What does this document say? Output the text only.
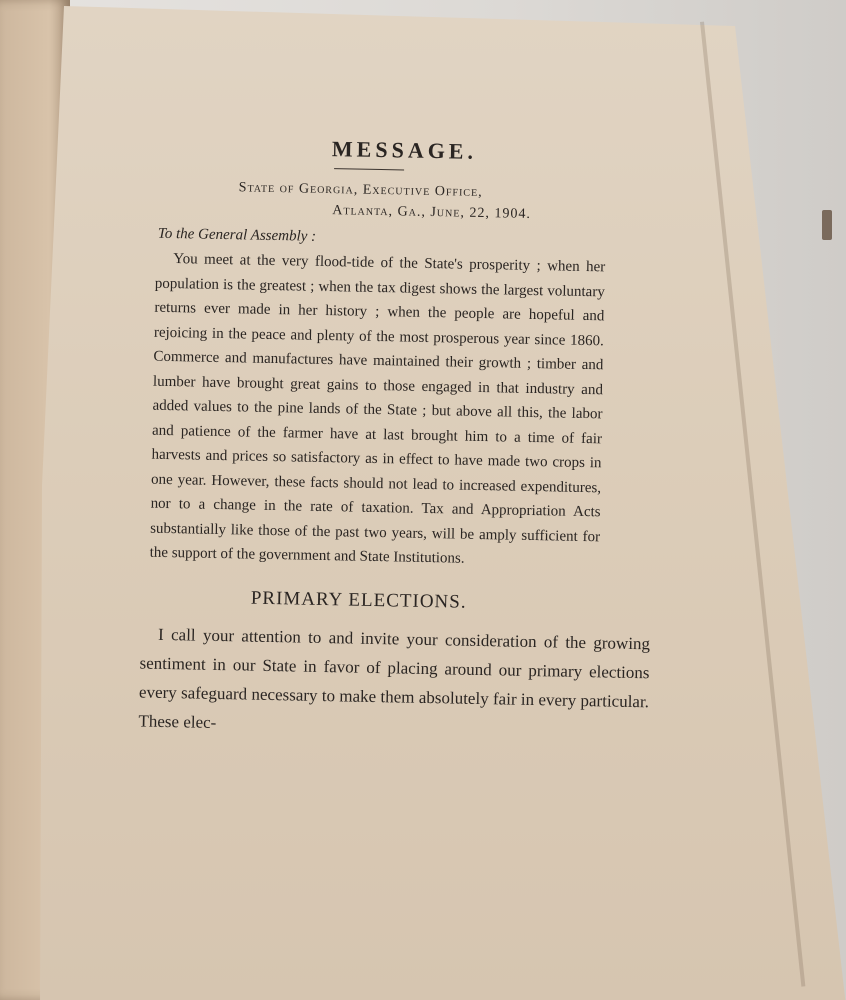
MESSAGE.
State of Georgia, Executive Office,
Atlanta, Ga., June, 22, 1904.
To the General Assembly :

You meet at the very flood-tide of the State's prosperity ; when her population is the greatest ; when the tax digest shows the largest voluntary returns ever made in her history ; when the people are hopeful and rejoicing in the peace and plenty of the most prosperous year since 1860. Commerce and manufactures have maintained their growth ; timber and lumber have brought great gains to those engaged in that industry and added values to the pine lands of the State ; but above all this, the labor and patience of the farmer have at last brought him to a time of fair harvests and prices so satisfactory as in effect to have made two crops in one year. However, these facts should not lead to increased expenditures, nor to a change in the rate of taxation. Tax and Appropriation Acts substantially like those of the past two years, will be amply sufficient for the support of the government and State Institutions.

PRIMARY ELECTIONS.

I call your attention to and invite your consideration of the growing sentiment in our State in favor of placing around our primary elections every safeguard necessary to make them absolutely fair in every particular. These elec-
